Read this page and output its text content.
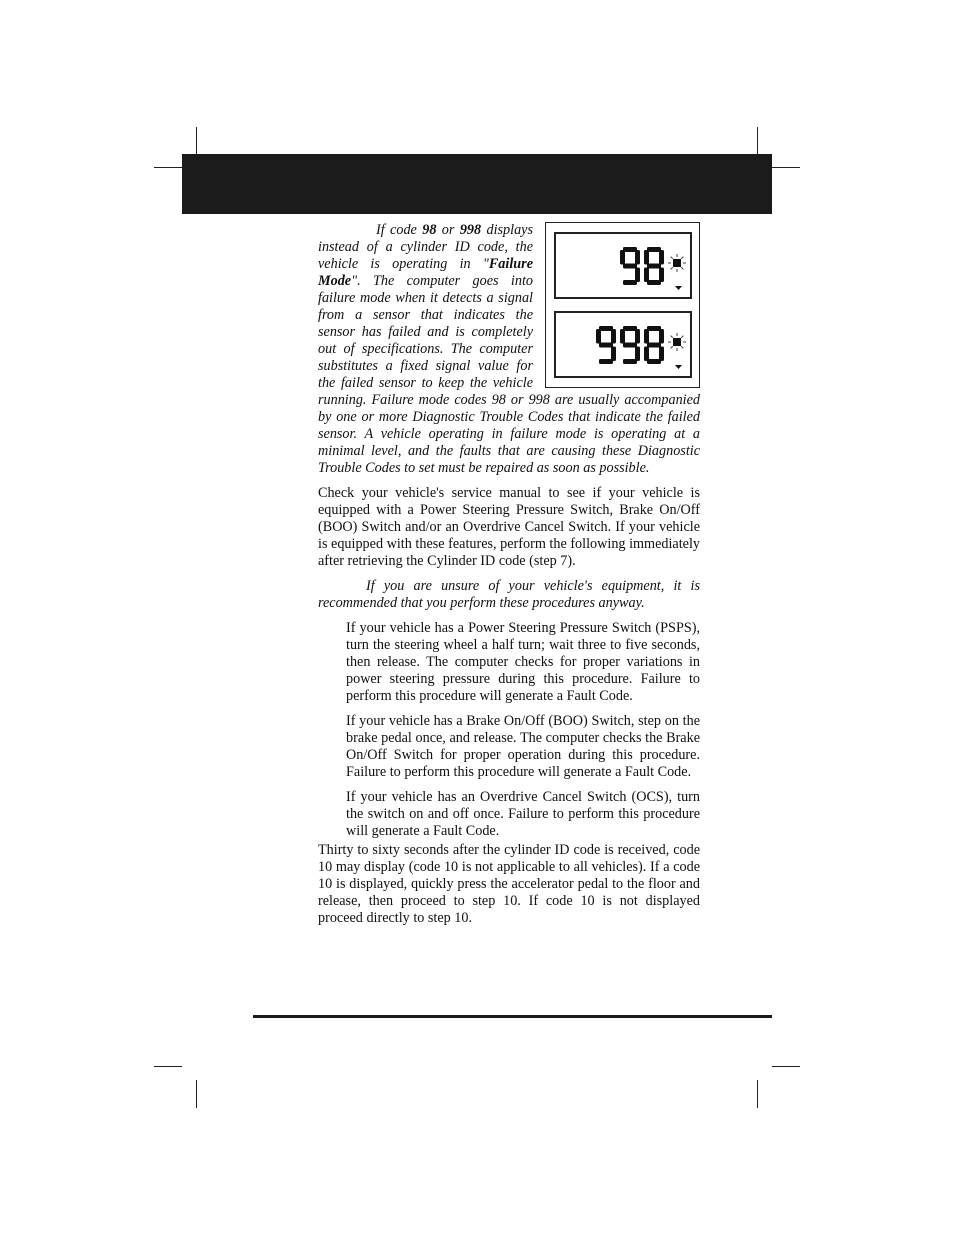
If code 98 or 998 displays instead of a cylinder ID code, the vehicle is operating in "Failure Mode". The computer goes into failure mode when it detects a signal from a sensor that indicates the sensor has failed and is completely out of specifications. The computer substitutes a fixed signal value for the failed sensor to keep the vehicle running. Failure mode codes 98 or 998 are usually accompanied by one or more Diagnostic Trouble Codes that indicate the failed sensor. A vehicle operating in failure mode is operating at a minimal level, and the faults that are causing these Diagnostic Trouble Codes to set must be repaired as soon as possible.

Check your vehicle's service manual to see if your vehicle is equipped with a Power Steering Pressure Switch, Brake On/Off (BOO) Switch and/or an Overdrive Cancel Switch. If your vehicle is equipped with these features, perform the following immediately after retrieving the Cylinder ID code (step 7).

If you are unsure of your vehicle's equipment, it is recommended that you perform these procedures anyway.

If your vehicle has a Power Steering Pressure Switch (PSPS), turn the steering wheel a half turn; wait three to five seconds, then release. The computer checks for proper variations in power steering pressure during this procedure. Failure to perform this procedure will generate a Fault Code.

If your vehicle has a Brake On/Off (BOO) Switch, step on the brake pedal once, and release. The computer checks the Brake On/Off Switch for proper operation during this procedure. Failure to perform this procedure will generate a Fault Code.

If your vehicle has an Overdrive Cancel Switch (OCS), turn the switch on and off once. Failure to perform this procedure will generate a Fault Code.

Thirty to sixty seconds after the cylinder ID code is received, code 10 may display (code 10 is not applicable to all vehicles). If a code 10 is displayed, quickly press the accelerator pedal to the floor and release, then proceed to step 10. If code 10 is not displayed proceed directly to step 10.
